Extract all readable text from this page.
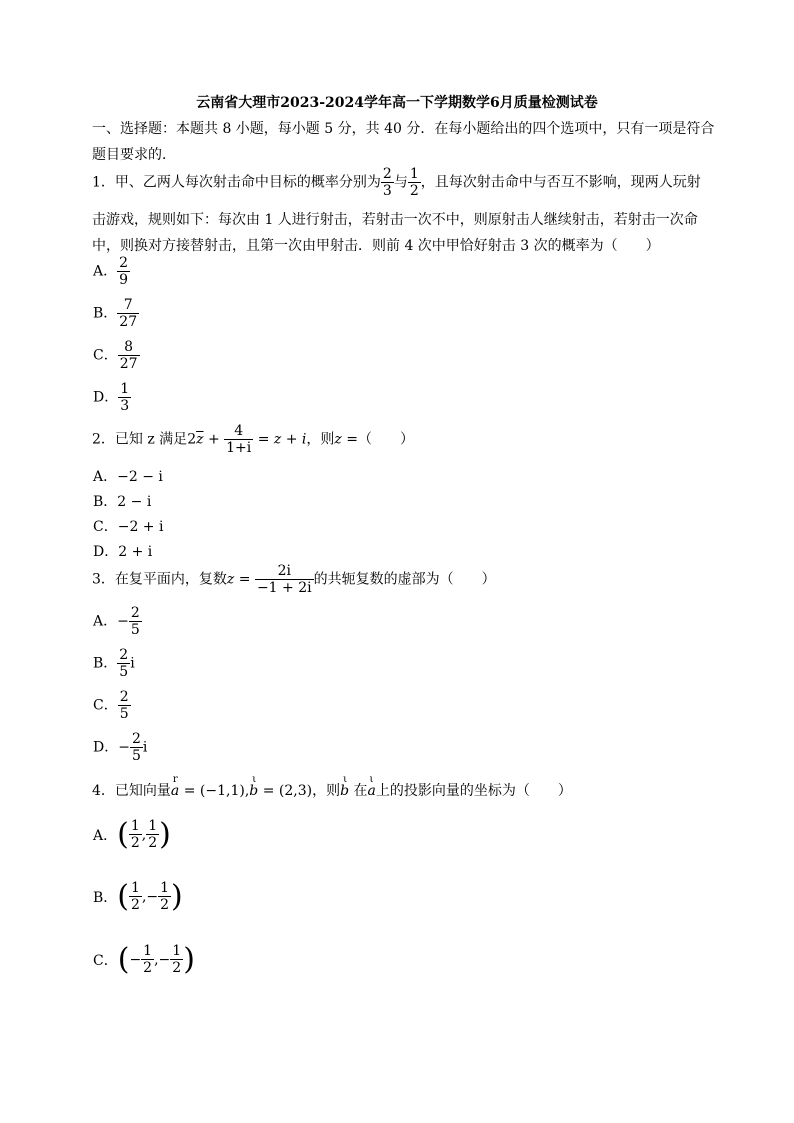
云南省大理市2023-2024学年高一下学期数学6月质量检测试卷
一、选择题：本题共 8 小题，每小题 5 分，共 40 分．在每小题给出的四个选项中，只有一项是符合
题目要求的．
1．甲、乙两人每次射击命中目标的概率分别为 $\frac{2}{3}$ 与 $\frac{1}{2}$ ，且每次射击命中与否互不影响，现两人玩射
击游戏，规则如下：每次由 1 人进行射击，若射击一次不中，则原射击人继续射击，若射击一次命
中，则换对方接替射击，且第一次由甲射击．则前 4 次中甲恰好射击 3 次的概率为（　　）
A． $\frac{2}{9}$
B． $\frac{7}{27}$
C． $\frac{8}{27}$
D． $\frac{1}{3}$
2．已知 z 满足$2\overline{z} + \frac{4}{1+i} = z + i$，则z =（　　）
A．−2 − i
B．2 − i
C．−2 + i
D．2 + i
3．在复平面内，复数$z = \frac{2i}{-1 + 2i}$ 的共轭复数的虚部为（　　）
A．− $\frac{2}{5}$
B． $\frac{2}{5}$ i
C． $\frac{2}{5}$
D．− $\frac{2}{5}$ i
4．已知向量a
r
= (−1,1),b
ι
= (2,3)，则b
ι
在a
ι
上的投影向量的坐标为（　　）
A． ( $\frac{1}{2}$ , $\frac{1}{2}$ )
B． ( $\frac{1}{2}$ , − $\frac{1}{2}$ )
C． ( − $\frac{1}{2}$ , − $\frac{1}{2}$ )
